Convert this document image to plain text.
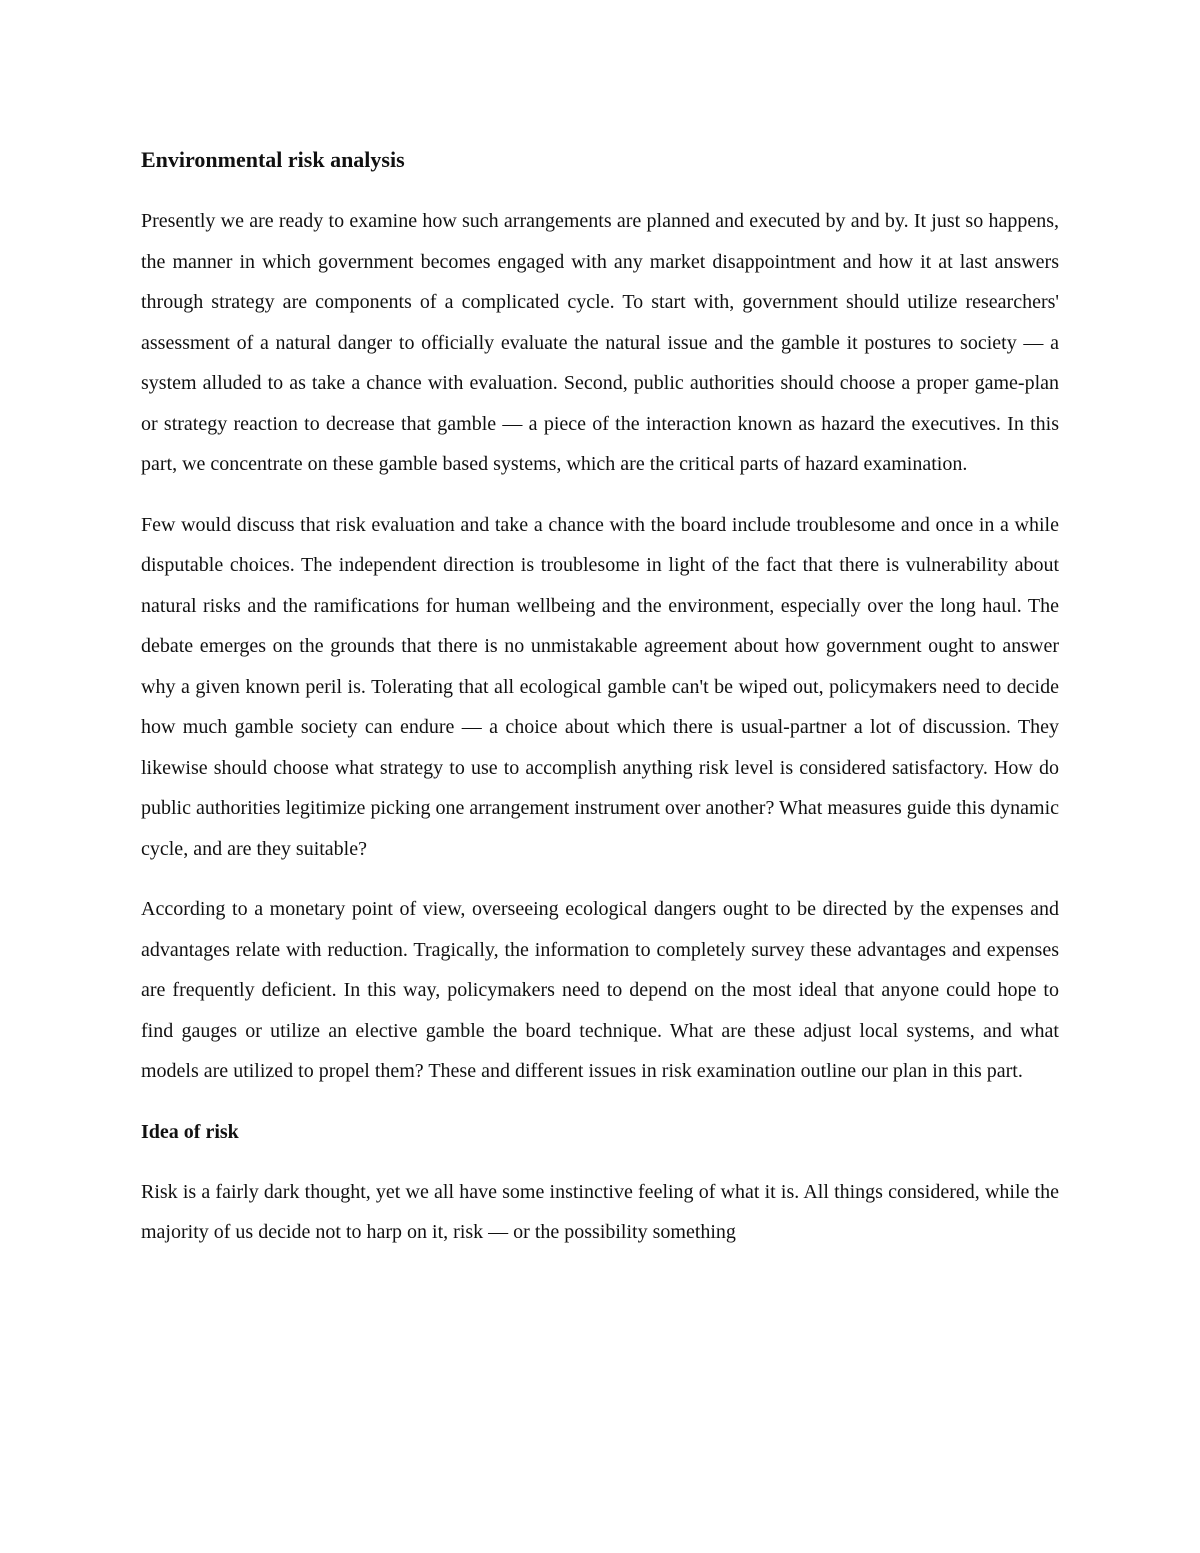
Environmental risk analysis

Presently we are ready to examine how such arrangements are planned and executed by and by. It just so happens, the manner in which government becomes engaged with any market disappointment and how it at last answers through strategy are components of a complicated cycle. To start with, government should utilize researchers' assessment of a natural danger to officially evaluate the natural issue and the gamble it postures to society — a system alluded to as take a chance with evaluation. Second, public authorities should choose a proper game-plan or strategy reaction to decrease that gamble — a piece of the interaction known as hazard the executives. In this part, we concentrate on these gamble based systems, which are the critical parts of hazard examination.

Few would discuss that risk evaluation and take a chance with the board include troublesome and once in a while disputable choices. The independent direction is troublesome in light of the fact that there is vulnerability about natural risks and the ramifications for human wellbeing and the environment, especially over the long haul. The debate emerges on the grounds that there is no unmistakable agreement about how government ought to answer why a given known peril is. Tolerating that all ecological gamble can't be wiped out, policymakers need to decide how much gamble society can endure — a choice about which there is usual-partner a lot of discussion. They likewise should choose what strategy to use to accomplish anything risk level is considered satisfactory. How do public authorities legitimize picking one arrangement instrument over another? What measures guide this dynamic cycle, and are they suitable?

According to a monetary point of view, overseeing ecological dangers ought to be directed by the expenses and advantages relate with reduction. Tragically, the information to completely survey these advantages and expenses are frequently deficient. In this way, policymakers need to depend on the most ideal that anyone could hope to find gauges or utilize an elective gamble the board technique. What are these adjust local systems, and what models are utilized to propel them? These and different issues in risk examination outline our plan in this part.

Idea of risk

Risk is a fairly dark thought, yet we all have some instinctive feeling of what it is. All things considered, while the majority of us decide not to harp on it, risk — or the possibility something
